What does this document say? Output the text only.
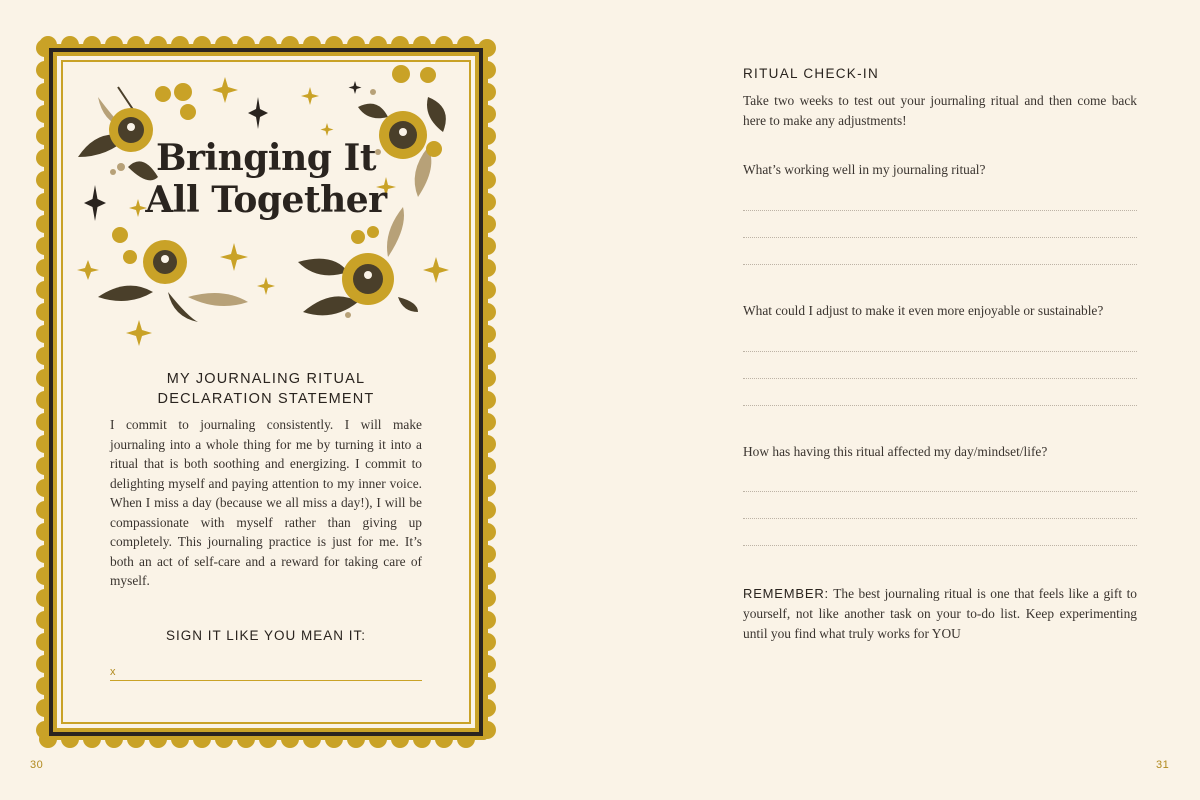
Bringing It
All Together
MY JOURNALING RITUAL
DECLARATION STATEMENT
I commit to journaling consistently. I will make journaling into a whole thing for me by turning it into a ritual that is both soothing and energizing. I commit to delighting myself and paying attention to my inner voice. When I miss a day (because we all miss a day!), I will be compassionate with myself rather than giving up completely. This journaling practice is just for me. It’s both an act of self-care and a reward for taking care of myself.
SIGN IT LIKE YOU MEAN IT:
x
30
RITUAL CHECK-IN
Take two weeks to test out your journaling ritual and then come back here to make any adjustments!
What’s working well in my journaling ritual?
What could I adjust to make it even more enjoyable or sustainable?
How has having this ritual affected my day/mindset/life?
REMEMBER: The best journaling ritual is one that feels like a gift to yourself, not like another task on your to-do list. Keep experimenting until you find what truly works for YOU
31
